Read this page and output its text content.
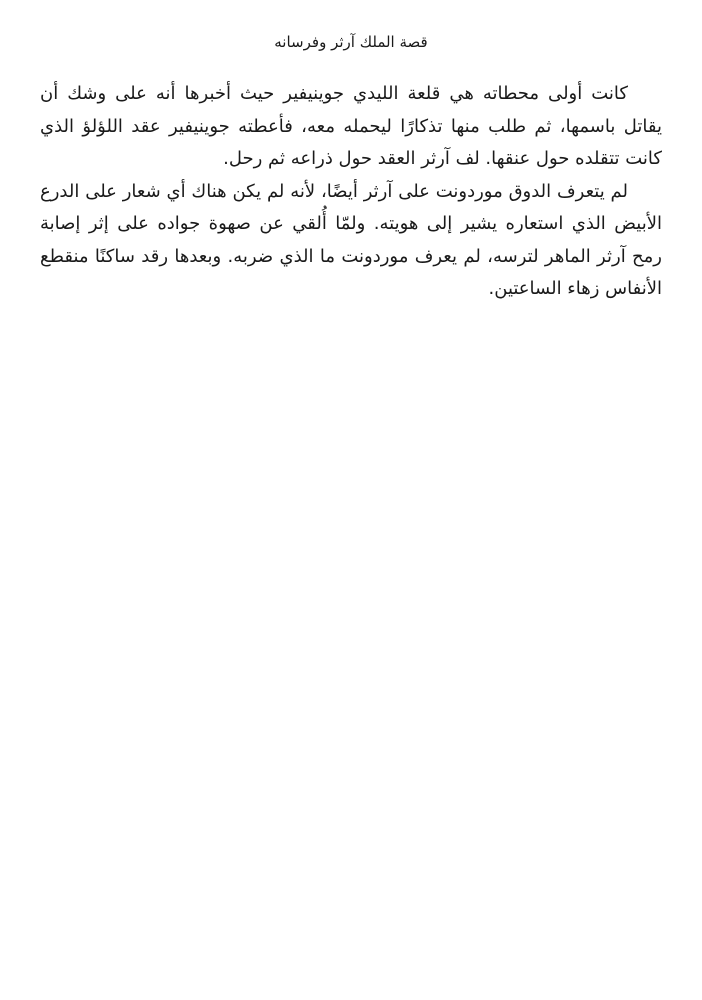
قصة الملك آرثر وفرسانه

كانت أولى محطاته هي قلعة الليدي جوينيفير حيث أخبرها أنه على وشك أن يقاتل باسمها، ثم طلب منها تذكارًا ليحمله معه، فأعطته جوينيفير عقد اللؤلؤ الذي كانت تتقلده حول عنقها. لف آرثر العقد حول ذراعه ثم رحل.

لم يتعرف الدوق موردونت على آرثر أيضًا، لأنه لم يكن هناك أي شعار على الدرع الأبيض الذي استعاره يشير إلى هويته. ولمّا أُلقي عن صهوة جواده على إثر إصابة رمح آرثر الماهر لترسه، لم يعرف موردونت ما الذي ضربه. وبعدها رقد ساكنًا منقطع الأنفاس زهاء الساعتين.
